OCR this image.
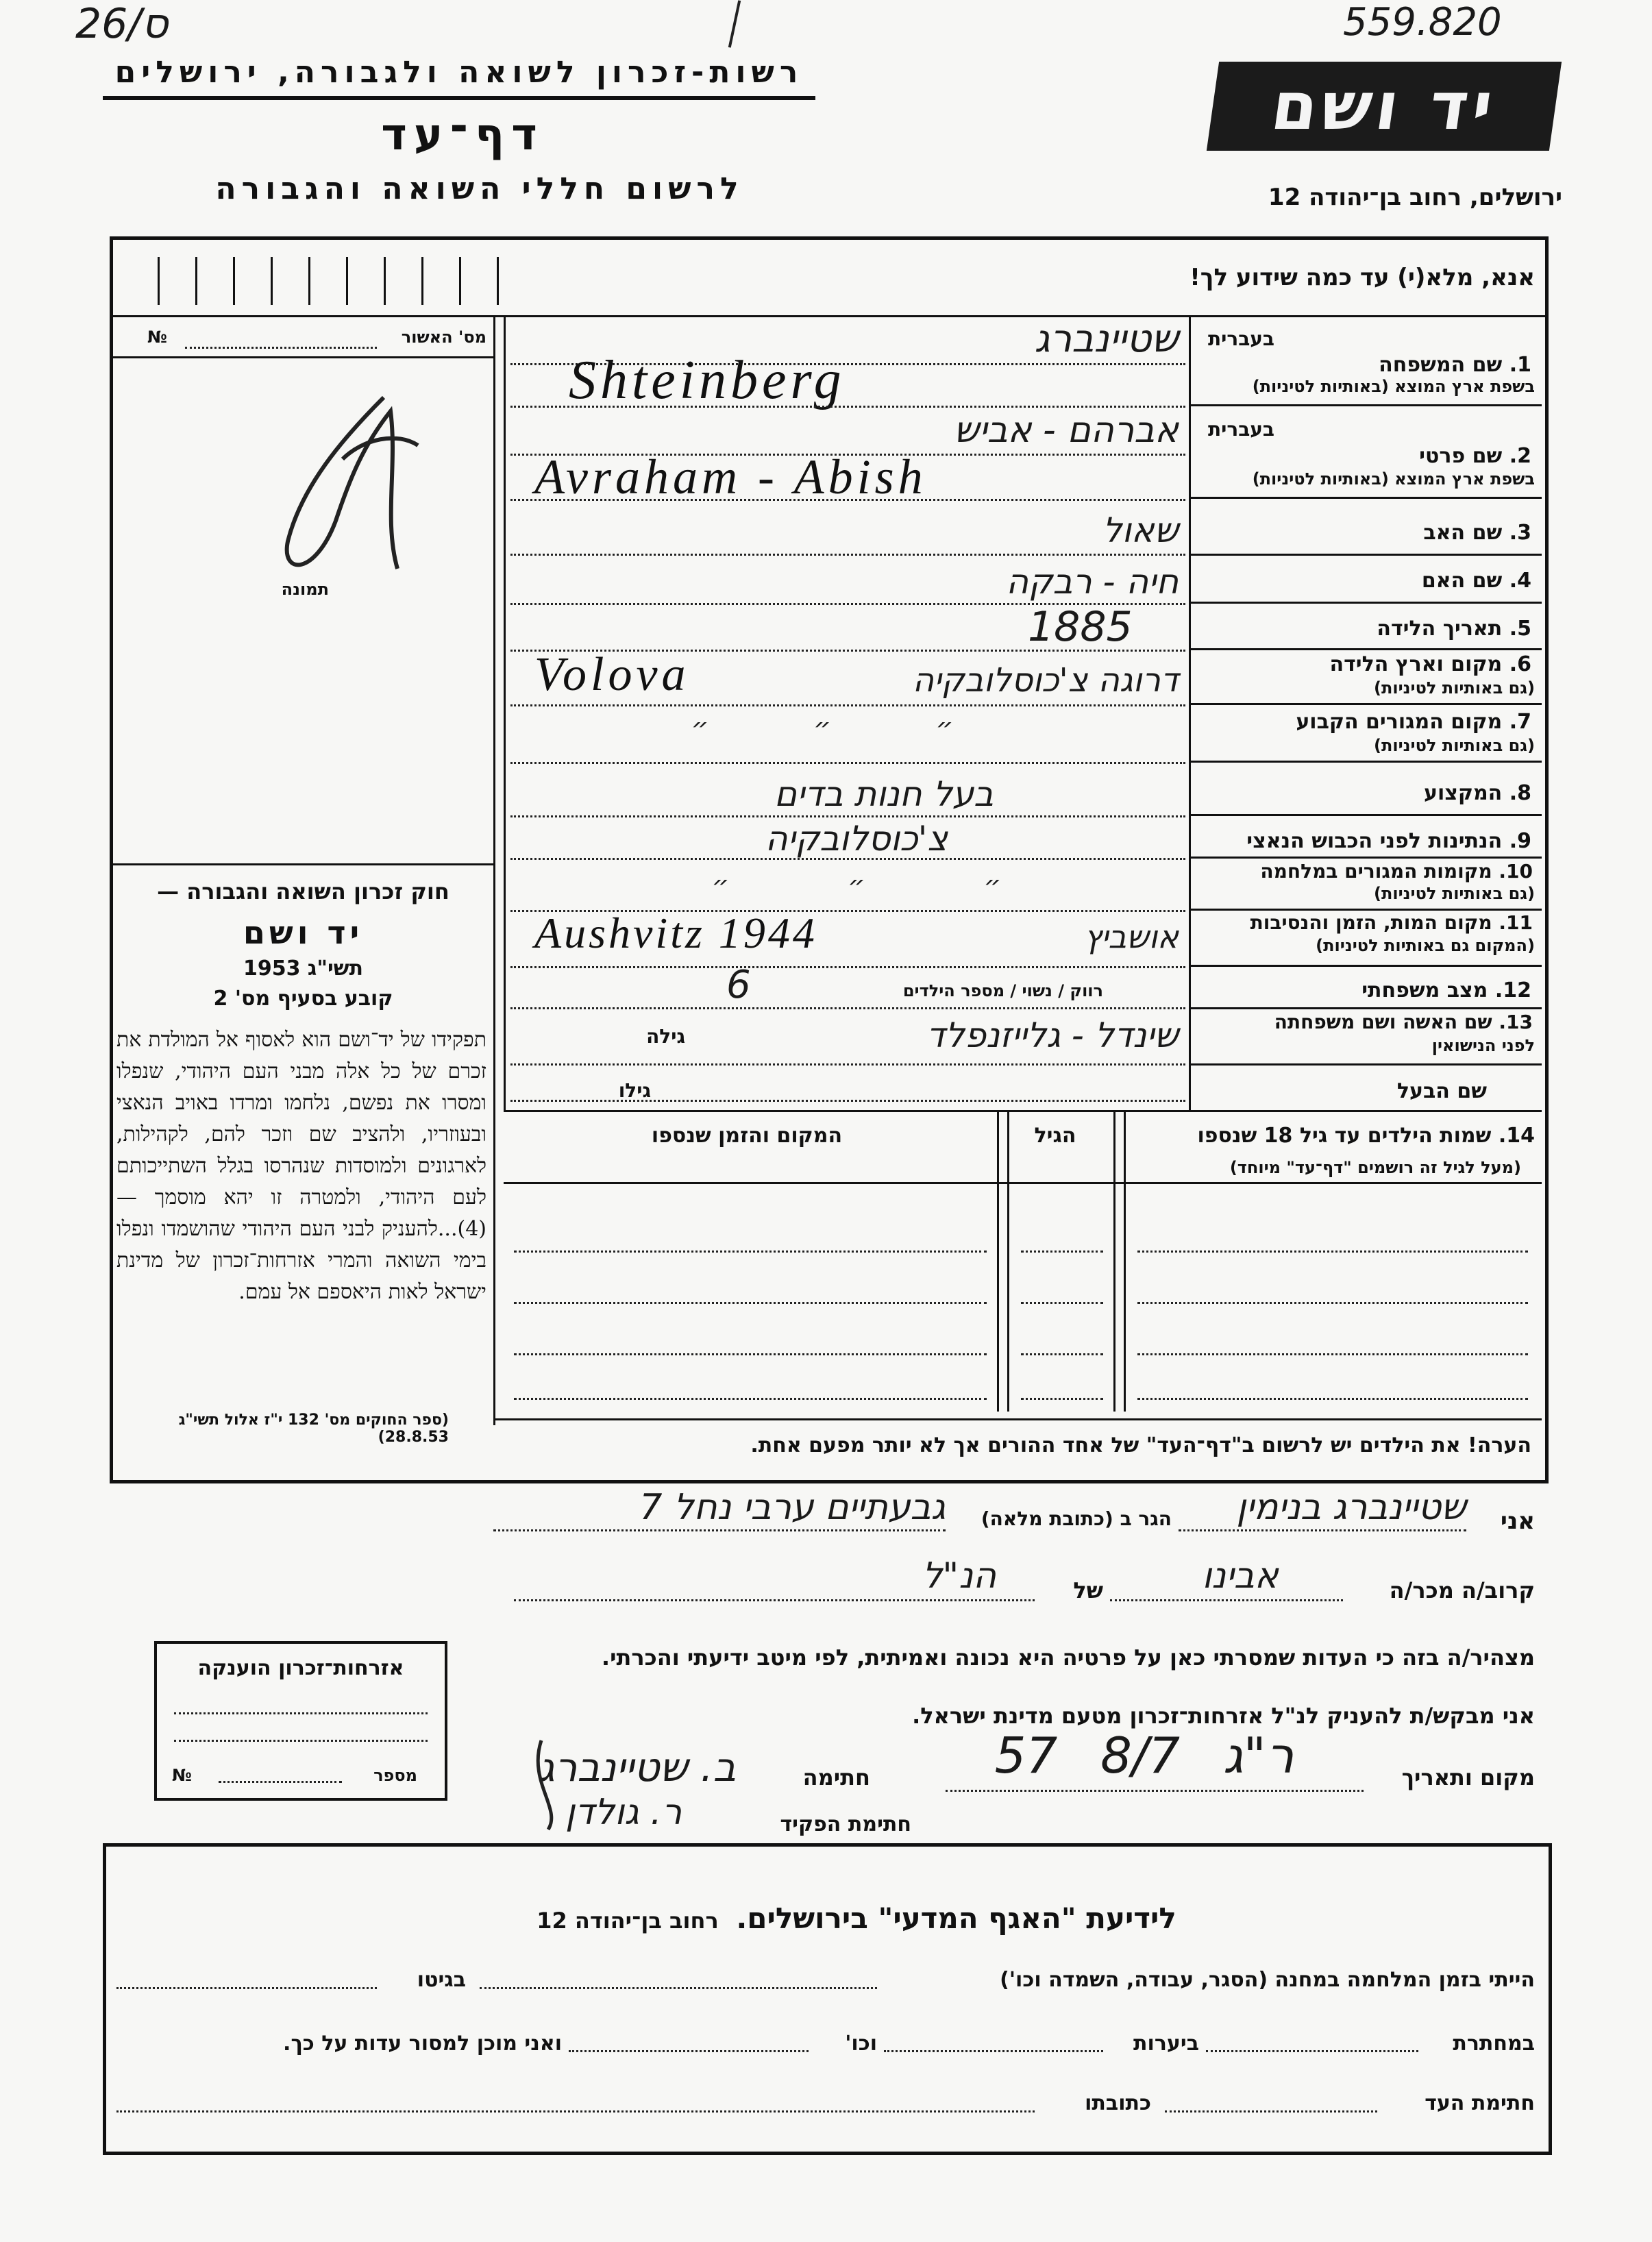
26/ס	559.820
רשות-זכרון לשואה ולגבורה, ירושלים
דף־עד
לרשום חללי השואה והגבורה
יד ושם
ירושלים, רחוב בן־יהודה 12
אנא, מלא(י) עד כמה שידוע לך!
מס' האשור
№
תמונה
חוק זכרון השואה והגבורה —
יד ושם
תשי"ג 1953
קובע בסעיף מס' 2
תפקידו של יד־ושם הוא לאסוף אל המולדת את זכרם של כל אלה מבני העם היהודי, שנפלו ומסרו את נפשם, נלחמו ומרדו באויב הנאצי ובעוזריו, ולהציב שם וזכר להם, לקהילות, לארגונים ולמוסדות שנהרסו בגלל השתייכותם לעם היהודי, ולמטרה זו יהא מוסמך —(4)...להעניק לבני העם היהודי שהושמדו ונפלו בימי השואה והמרי אזרחות־זכרון של מדינת ישראל לאות היאספם אל עמם.
(ספר החוקים מס' 132 י"ז אלול תשי"ג 28.8.53)
בעברית
1. שם המשפחה
בשפת ארץ המוצא (באותיות לטיניות)
שטיינברג
Shteinberg
בעברית
2. שם פרטי
בשפת ארץ המוצא (באותיות לטיניות)
אברהם - אביש
Avraham - Abish
3. שם האב
שאול
4. שם האם
חיה - רבקה
5. תאריך הלידה
1885
6. מקום וארץ הלידה
(גם באותיות לטיניות)
Volova	דרוגה צ'כוסלובקיה
7. מקום המגורים הקבוע
(גם באותיות לטיניות)
״ ״ ״
8. המקצוע
בעל חנות בדים
9. הנתינות לפני הכבוש הנאצי
צ'כוסלובקיה
10. מקומות המגורים במלחמה
(גם באותיות לטיניות)
״ ״ ״
11. מקום המות, הזמן והנסיבות
(המקום גם באותיות לטיניות)
Aushvitz 1944	אושביץ
12. מצב משפחתי
רווק / נשוי / מספר הילדים
6
13. שם האשה ושם משפחתה
לפני הנישואין
גילה	שינדל - גלייזנפלד
שם הבעל
גילו
14. שמות הילדים עד גיל 18 שנספו
(מעל לגיל זה רושמים "דף־עד" מיוחד)
הגיל
המקום והזמן שנספו
הערה! את הילדים יש לרשום ב"דף־העד" של אחד ההורים אך לא יותר מפעם אחת.
אני
שטיינברג בנימין
הגר ב (כתובת מלאה)
גבעתיים ערבי נחל 7
קרוב/ה מכר/ה
אבינו
של
הנ"ל
מצהיר/ה בזה כי העדות שמסרתי כאן על פרטיה היא נכונה ואמיתית, לפי מיטב ידיעתי והכרתי.
אני מבקש/ת להעניק לנ"ל אזרחות־זכרון מטעם מדינת ישראל.
מקום ותאריך
ר"ג 8/7 57
חתימה
ב. שטיינברג
חתימת הפקיד
ר. גולדן
אזרחות־זכרון הוענקה
מספר
№
לידיעת "האגף המדעי" בירושלים. רחוב בן־יהודה 12
הייתי בזמן המלחמה במחנה (הסגר, עבודה, השמדה וכו')
בגיטו
במחתרת
ביערות
וכו'
ואני מוכן למסור עדות על כך.
חתימת העד
כתובתו
